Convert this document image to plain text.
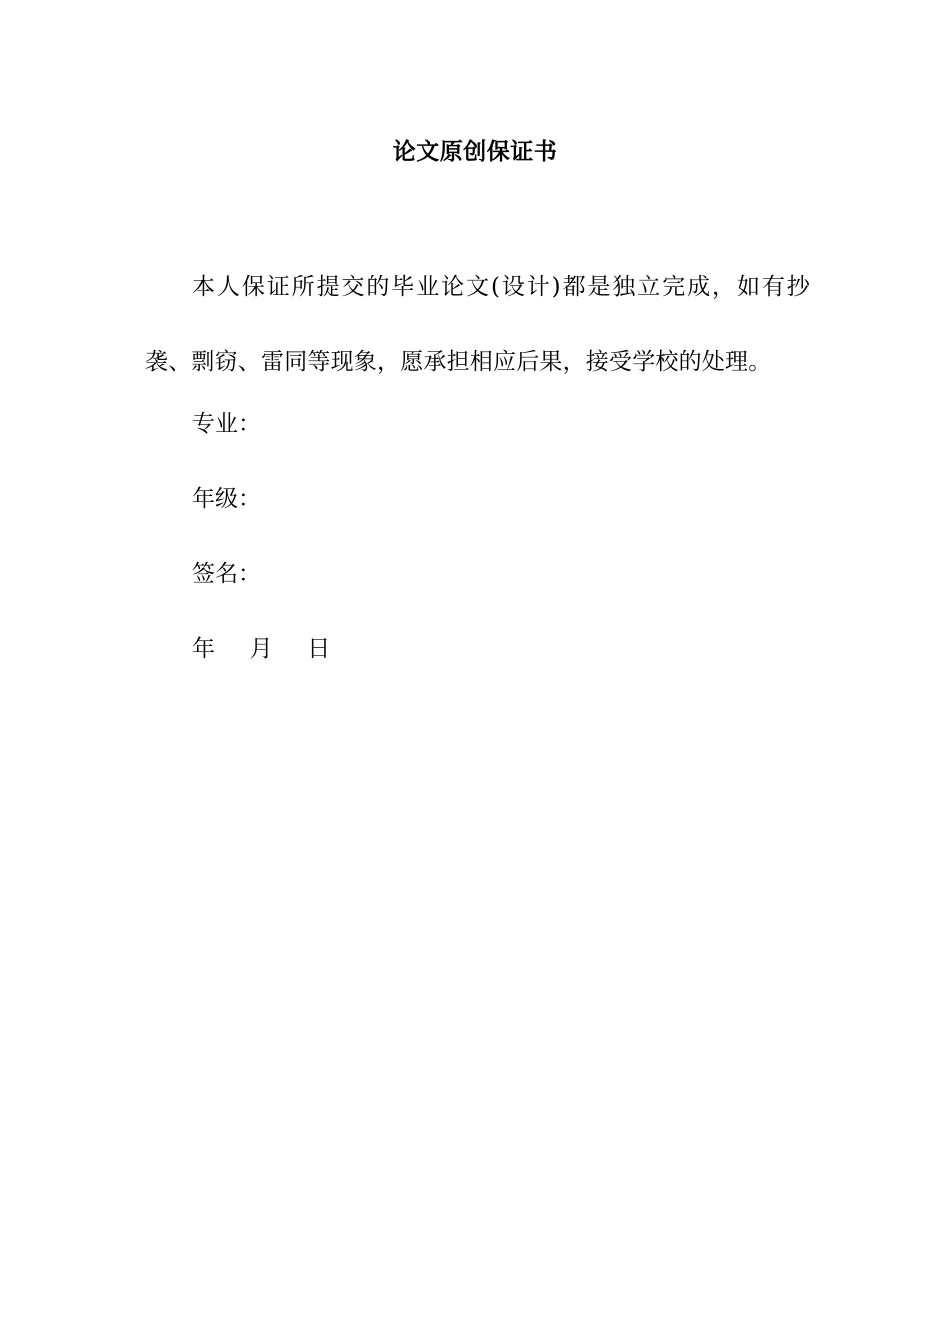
论文原创保证书

本人保证所提交的毕业论文(设计)都是独立完成，如有抄袭、剽窃、雷同等现象，愿承担相应后果，接受学校的处理。

专业：
年级：
签名：
年  月  日
